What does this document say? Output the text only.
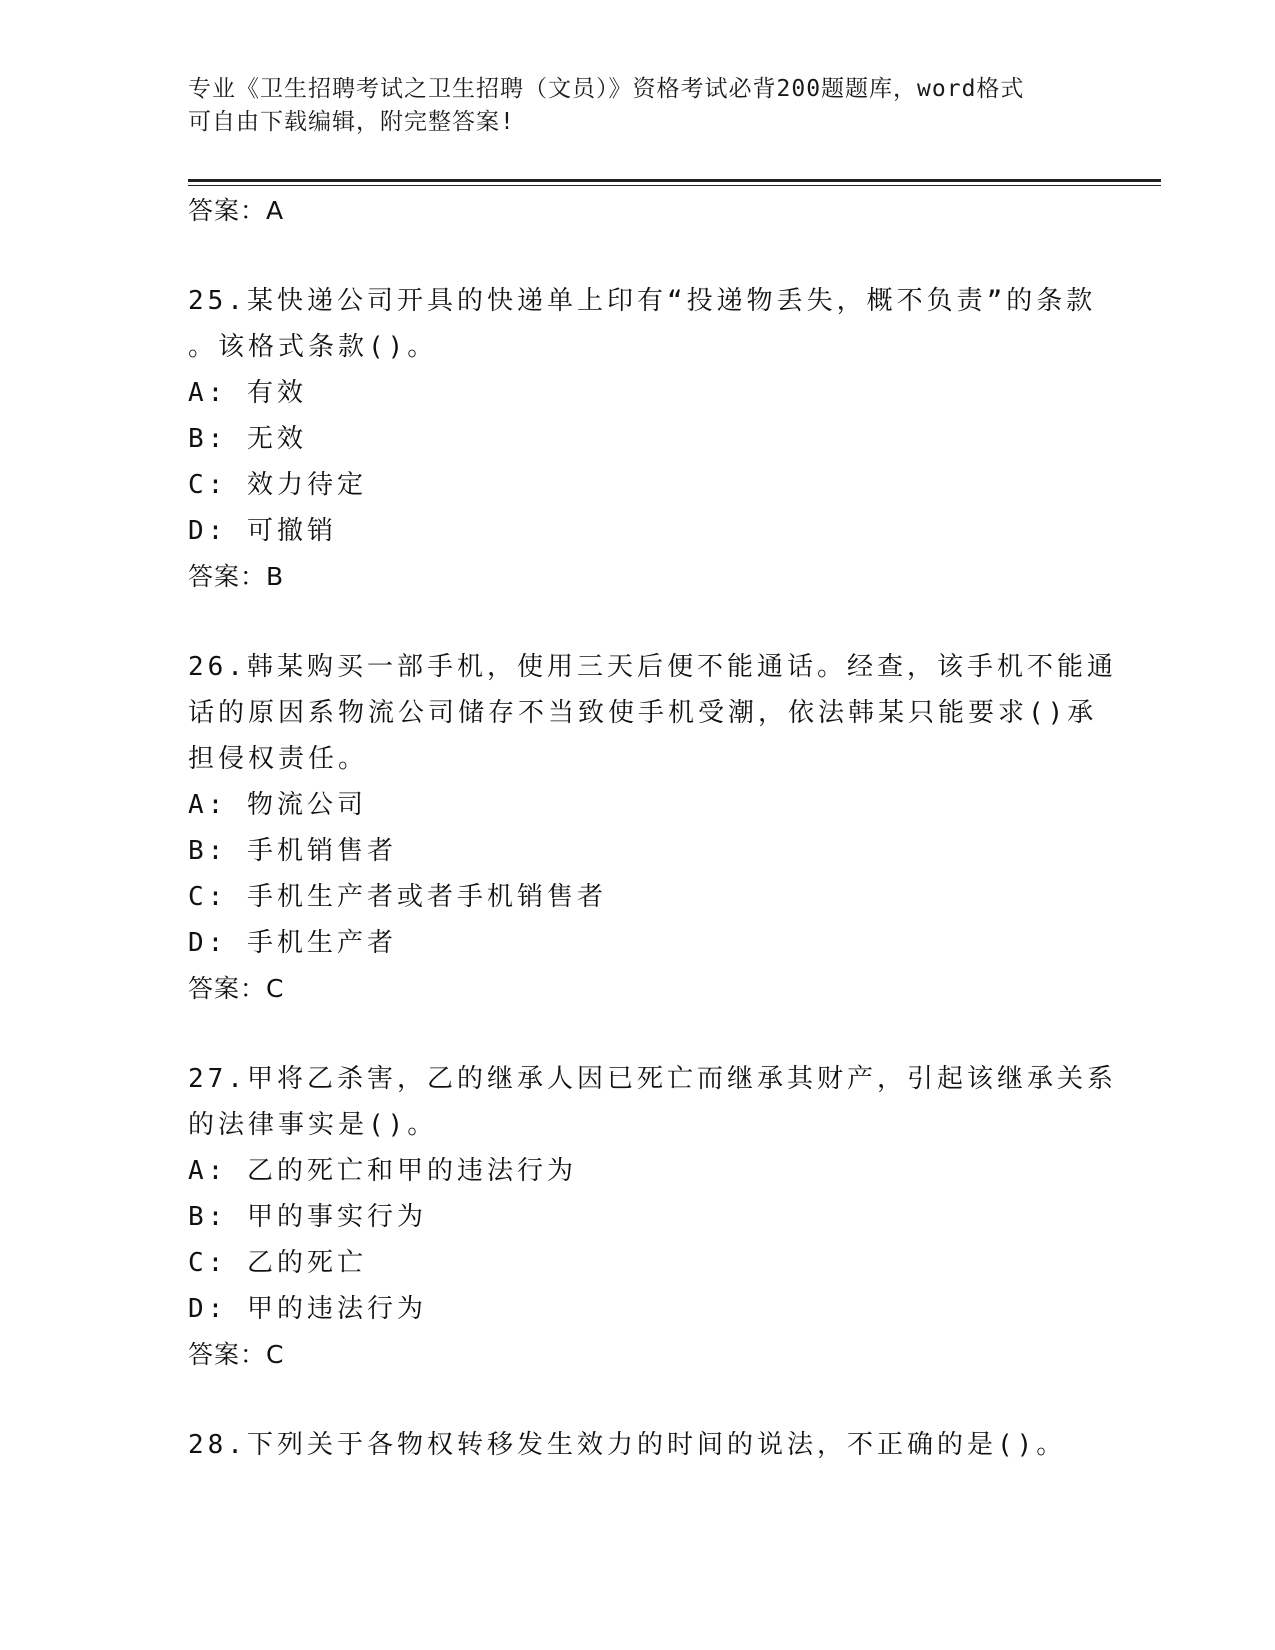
专业《卫生招聘考试之卫生招聘（文员）》资格考试必背200题题库，word格式
可自由下载编辑，附完整答案!
答案：A
25.某快递公司开具的快递单上印有“投递物丢失，概不负责”的条款
。该格式条款()。
A: 有效
B: 无效
C: 效力待定
D: 可撤销
答案：B
26.韩某购买一部手机，使用三天后便不能通话。经查，该手机不能通
话的原因系物流公司储存不当致使手机受潮，依法韩某只能要求()承
担侵权责任。
A: 物流公司
B: 手机销售者
C: 手机生产者或者手机销售者
D: 手机生产者
答案：C
27.甲将乙杀害，乙的继承人因已死亡而继承其财产，引起该继承关系
的法律事实是()。
A: 乙的死亡和甲的违法行为
B: 甲的事实行为
C: 乙的死亡
D: 甲的违法行为
答案：C
28.下列关于各物权转移发生效力的时间的说法，不正确的是()。
